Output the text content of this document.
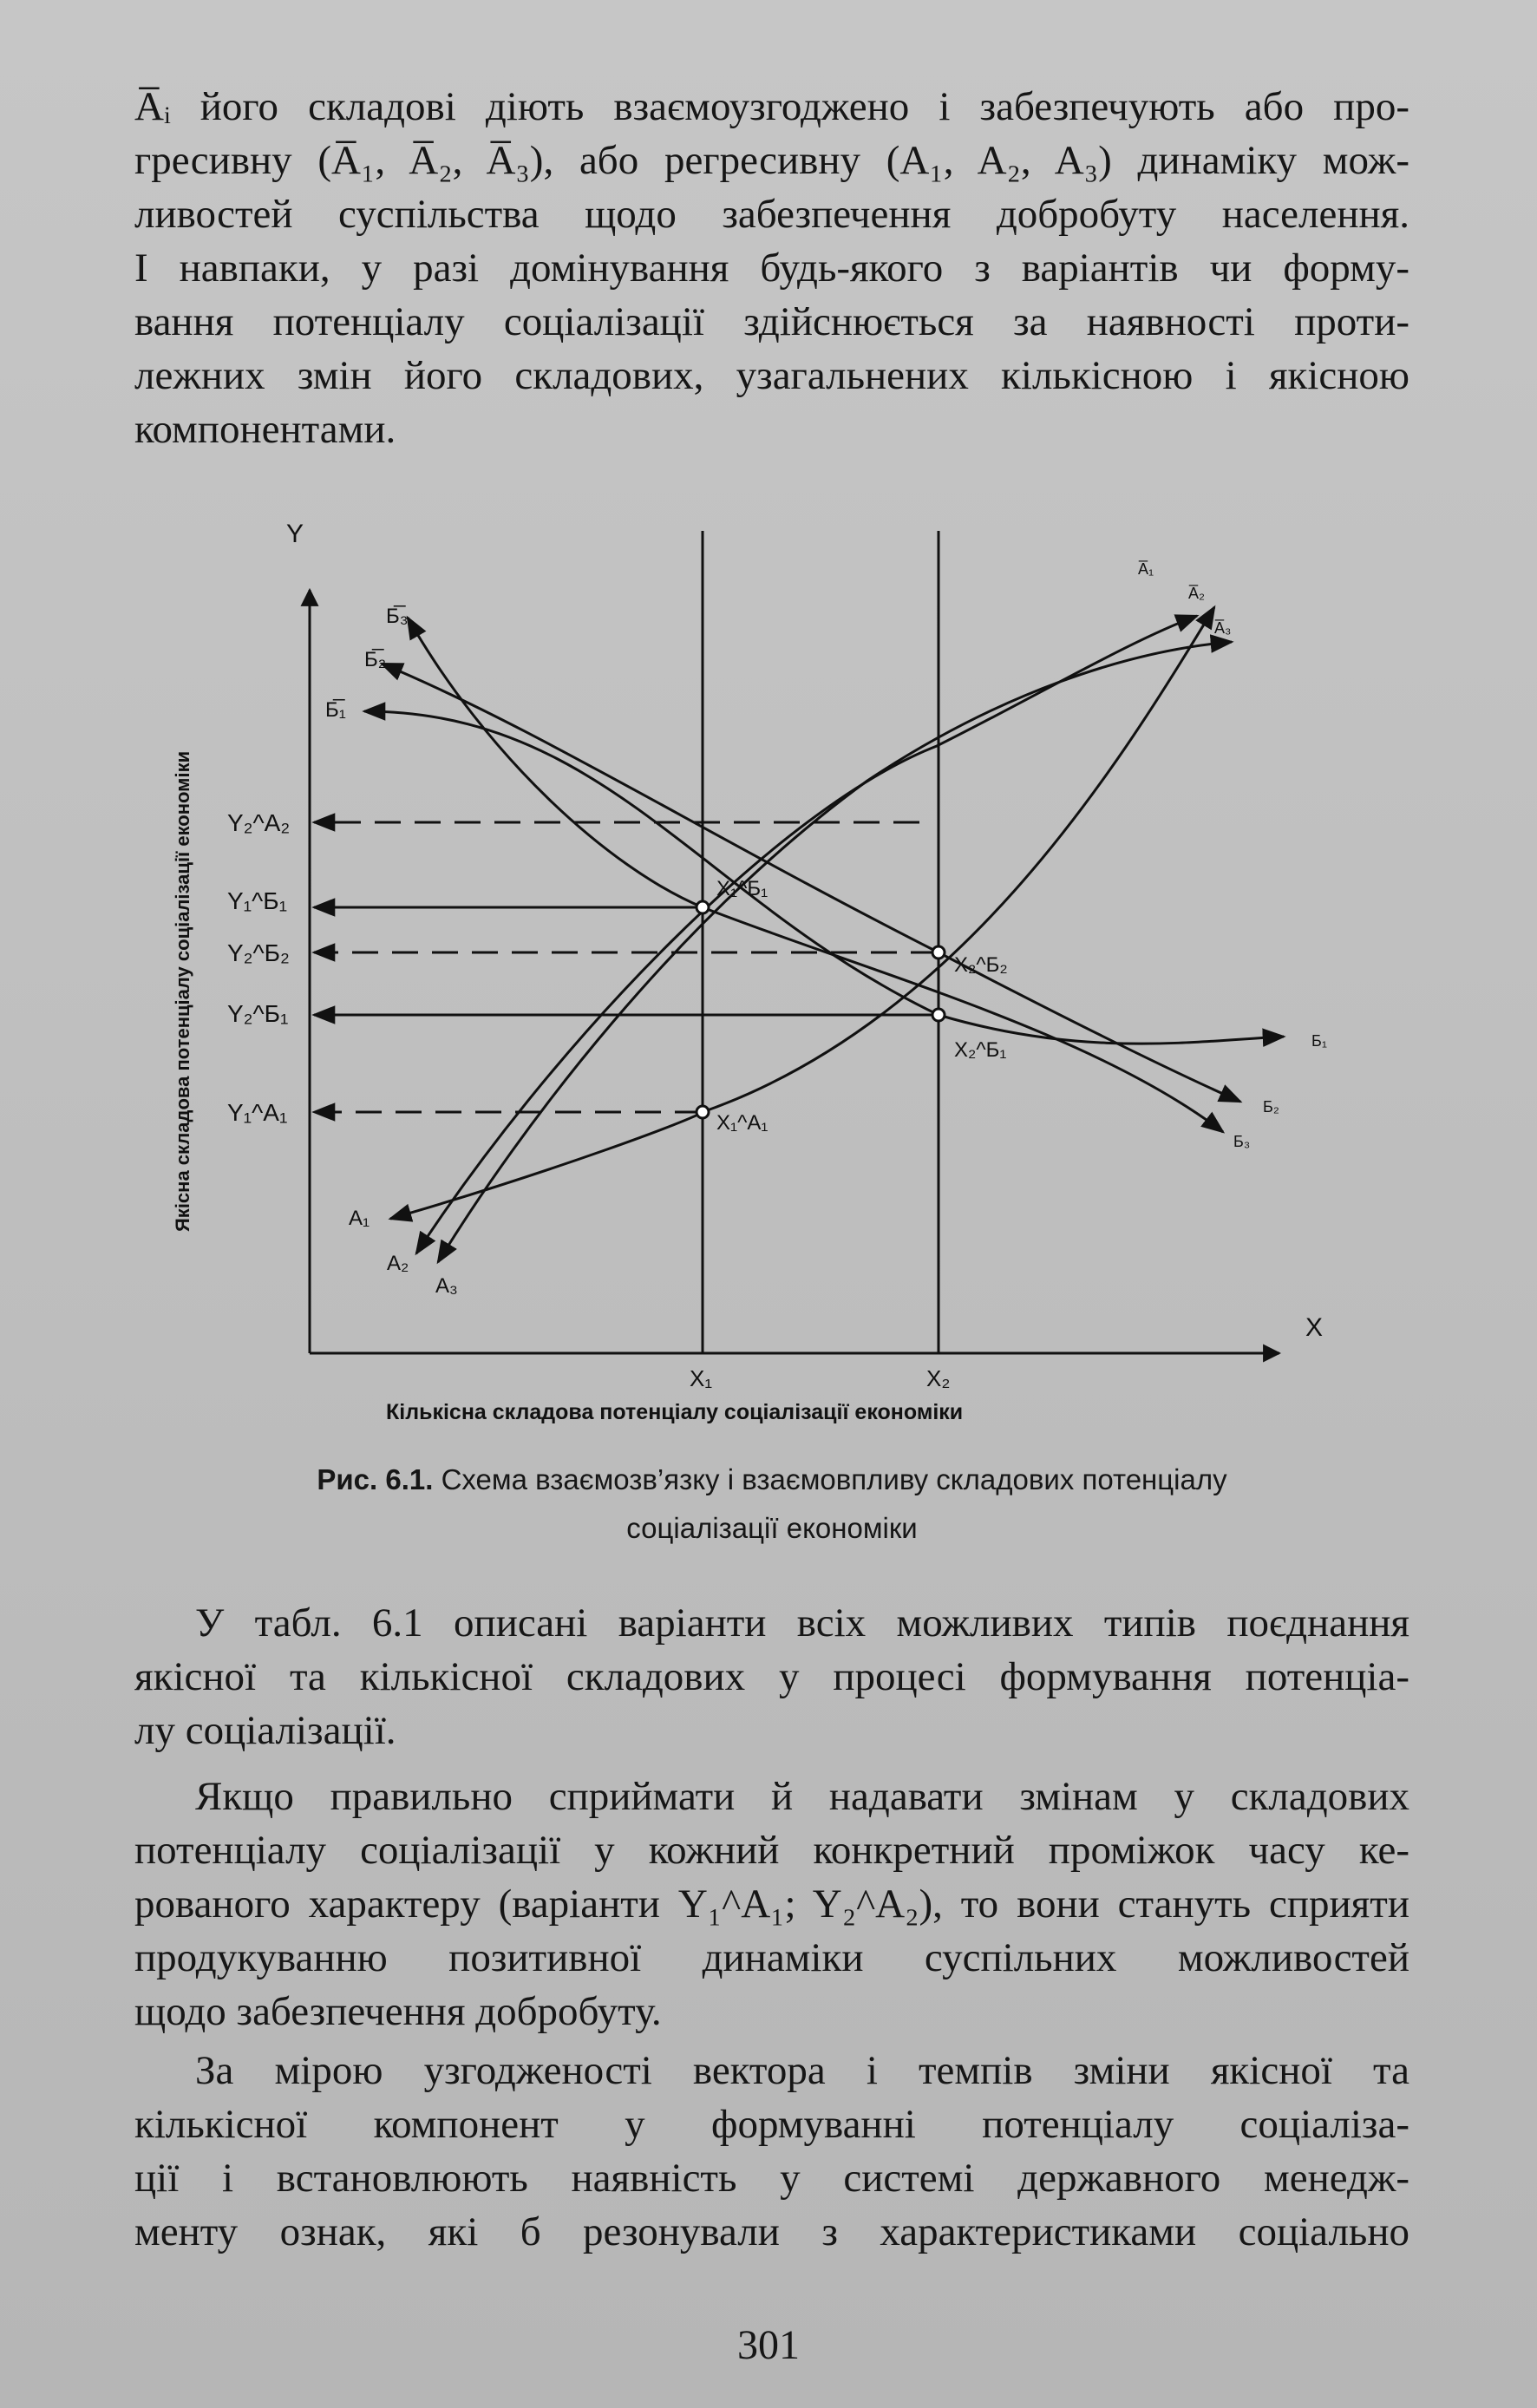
A̅ᵢ його складові діють взаємоузгоджено і забезпечують або про-
гресивну (A̅₁, A̅₂, A̅₃), або регресивну (A₁, A₂, A₃) динаміку мож-
ливостей суспільства щодо забезпечення добробуту населення.
І навпаки, у разі домінування будь-якого з варіантів чи форму-
вання потенціалу соціалізації здійснюється за наявності проти-
лежних змін його складових, узагальнених кількісною і якісною
компонентами.
Y
X
Якісна складова потенціалу соціалізації економіки
X₁	X₂
Y₂^A₂
Y₁^Б₁
Y₂^Б₂
Y₂^Б₁
Y₁^A₁
X₁^Б₁
X₂^Б₂
X₂^Б₁
X₁^A₁
Б̅₃
Б̅₂
Б̅₁
A₁
A₂
A₃
A̅₁
A̅₂
A̅₃
Б₁
Б₂
Б₃
Кількісна складова потенціалу соціалізації економіки
Рис. 6.1. Схема взаємозв’язку і взаємовпливу складових потенціалу
соціалізації економіки
У табл. 6.1 описані варіанти всіх можливих типів поєднання
якісної та кількісної складових у процесі формування потенціа-
лу соціалізації.
Якщо правильно сприймати й надавати змінам у складових
потенціалу соціалізації у кожний конкретний проміжок часу ке-
рованого характеру (варіанти Y₁^A₁; Y₂^A₂), то вони стануть сприяти
продукуванню позитивної динаміки суспільних можливостей
щодо забезпечення добробуту.
За мірою узгодженості вектора і темпів зміни якісної та
кількісної компонент у формуванні потенціалу соціаліза-
ції і встановлюють наявність у системі державного менедж-
менту ознак, які б резонували з характеристиками соціально
301
